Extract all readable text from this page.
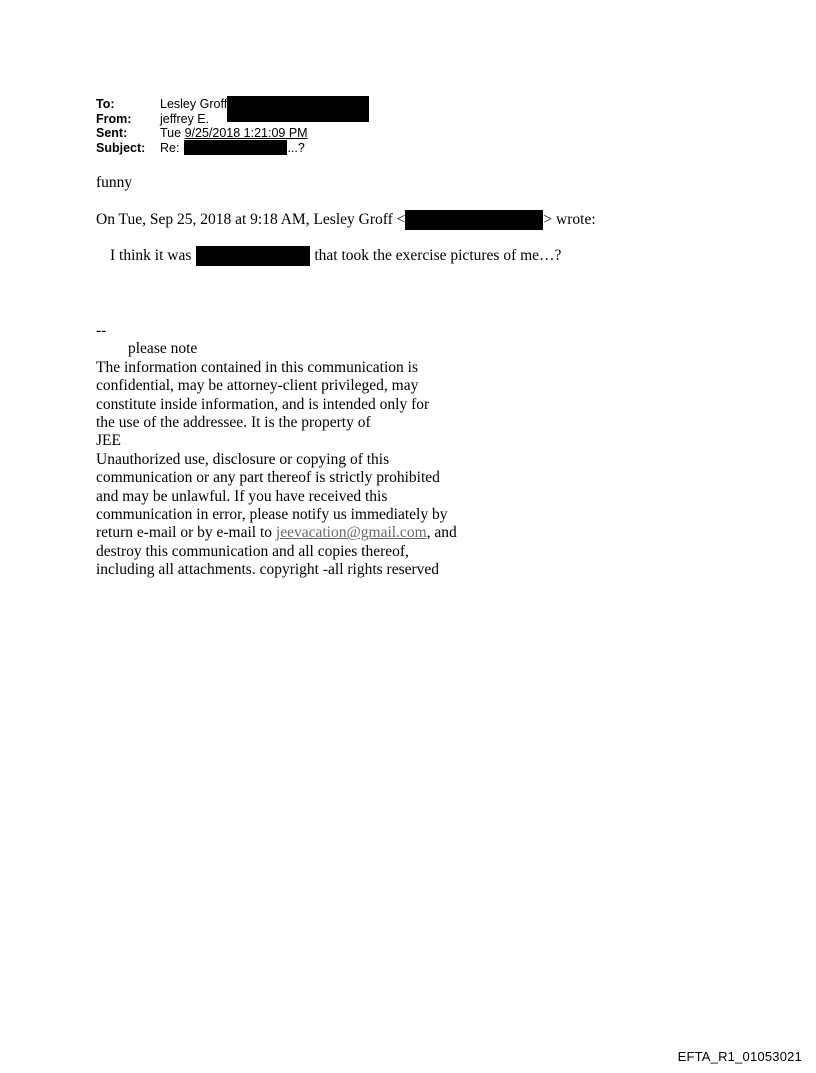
To:	Lesley Groff
From:	jeffrey E.
Sent:	Tue 9/25/2018 1:21:09 PM
Subject:	Re:	...?
funny
On Tue, Sep 25, 2018 at 9:18 AM, Lesley Groff <	> wrote:
I think it was	that took the exercise pictures of me…?
--
please note
The information contained in this communication is
confidential, may be attorney-client privileged, may
constitute inside information, and is intended only for
the use of the addressee. It is the property of
JEE
Unauthorized use, disclosure or copying of this
communication or any part thereof is strictly prohibited
and may be unlawful. If you have received this
communication in error, please notify us immediately by
return e-mail or by e-mail to jeevacation@gmail.com, and
destroy this communication and all copies thereof,
including all attachments. copyright -all rights reserved
EFTA_R1_01053021
